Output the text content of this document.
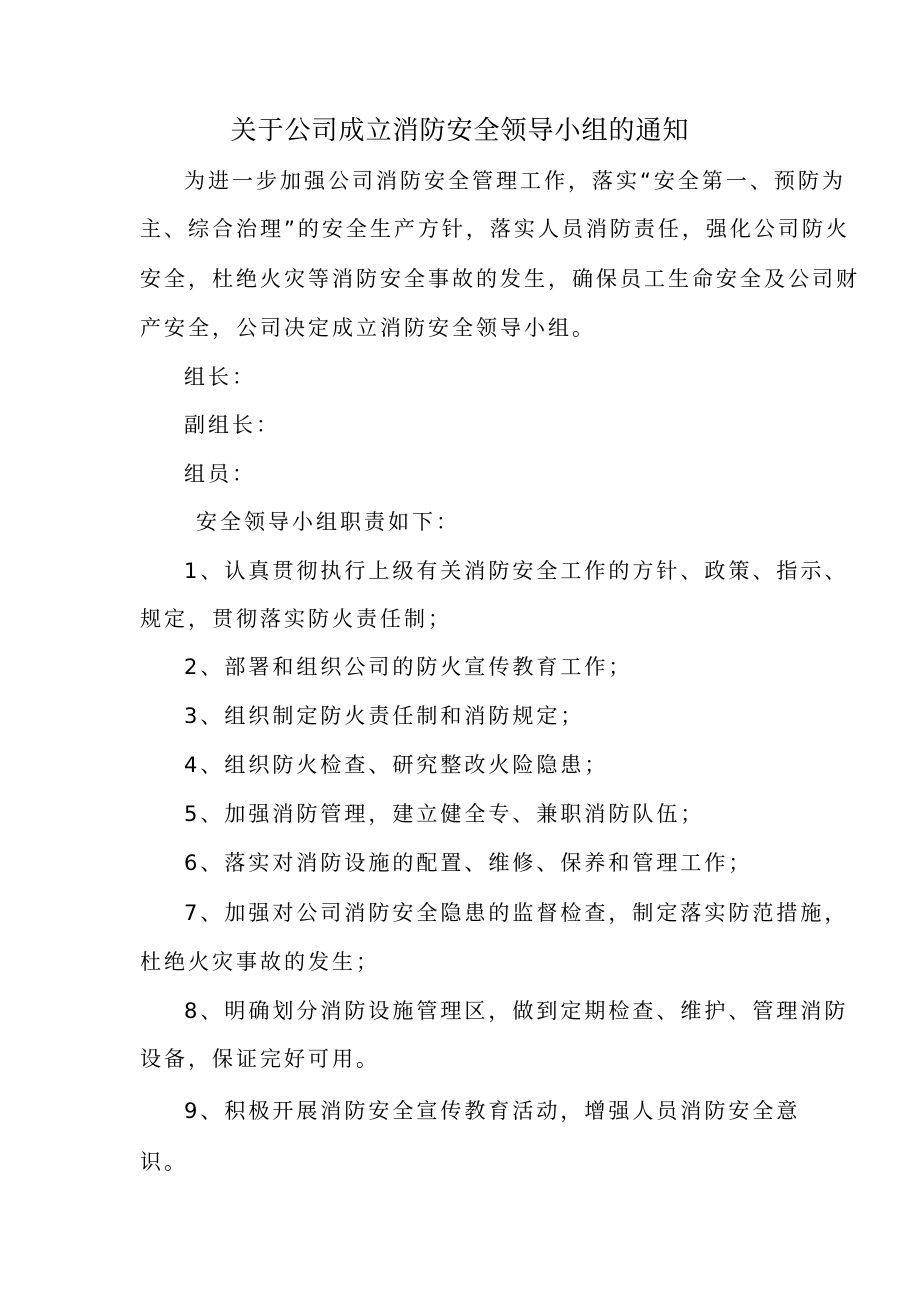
关于公司成立消防安全领导小组的通知
为进一步加强公司消防安全管理工作，落实“安全第一、预防为
主、综合治理”的安全生产方针，落实人员消防责任，强化公司防火
安全，杜绝火灾等消防安全事故的发生，确保员工生命安全及公司财
产安全，公司决定成立消防安全领导小组。
组长：
副组长：
组员：
安全领导小组职责如下：
1、认真贯彻执行上级有关消防安全工作的方针、政策、指示、
规定，贯彻落实防火责任制；
2、部署和组织公司的防火宣传教育工作；
3、组织制定防火责任制和消防规定；
4、组织防火检查、研究整改火险隐患；
5、加强消防管理，建立健全专、兼职消防队伍；
6、落实对消防设施的配置、维修、保养和管理工作；
7、加强对公司消防安全隐患的监督检查，制定落实防范措施，
杜绝火灾事故的发生；
8、明确划分消防设施管理区，做到定期检查、维护、管理消防
设备，保证完好可用。
9、积极开展消防安全宣传教育活动，增强人员消防安全意
识。
